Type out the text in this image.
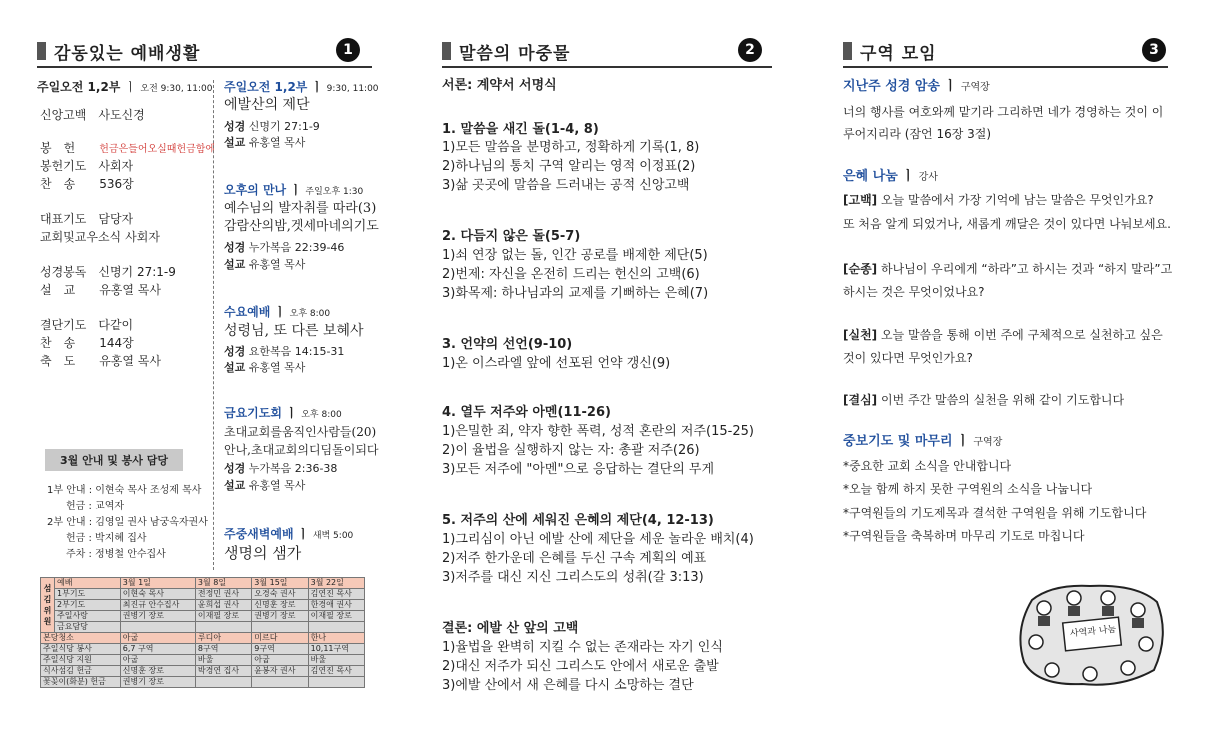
감동있는 예배생활	1
주일오전 1,2부 ㅣ 오전 9:30, 11:00
신앙고백 사도신경
봉　헌 헌금은들어오실때헌금함에
봉헌기도 사회자
찬　송 536장
대표기도 담당자
교회및교우소식 사회자
성경봉독 신명기 27:1-9
설　교 유홍열 목사
결단기도 다같이
찬　송 144장
축　도 유홍열 목사
주일오전 1,2부 ㅣ 9:30, 11:00
에발산의 제단
성경 신명기 27:1-9
설교 유홍열 목사
오후의 만나 ㅣ 주일오후 1:30
예수님의 발자취를 따라(3)
감람산의밤,겟세마네의기도
성경 누가복음 22:39-46
설교 유홍열 목사
수요예배 ㅣ 오후 8:00
성령님, 또 다른 보혜사
성경 요한복음 14:15-31
설교 유홍열 목사
금요기도회 ㅣ 오후 8:00
초대교회를움직인사람들(20)
안나,초대교회의디딤돌이되다
성경 누가복음 2:36-38
설교 유홍열 목사
주중새벽예배 ㅣ 새벽 5:00
생명의 샘가
3월 안내 및 봉사 담당
1부 안내 : 이현숙 목사 조성제 목사
헌금 : 교역자
2부 안내 : 김영일 권사 남궁옥자권사
헌금 : 박지혜 집사
주차 : 정병철 안수집사
섬김위원	예배	3월 1일	3월 8일	3월 15일	3월 22일
	1부기도	이현숙 목사	전정민 권사	오경숙 권사	김연진 목사
	2부기도	최진규 안수집사	윤희섭 권사	신명훈 장로	한경애 권사
	주일사랑	권병기 장로	이재필 장로	권병기 장로	이재필 장로
	금요담당				
본당청소		아굽	루디아	미르다	한나
주일식당 봉사		6,7 구역	8구역	9구역	10,11구역
주일식당 지원		아굽	바울	아굽	바울
식사섬김 헌금		신명훈 장로	박경연 집사	윤봉자 권사	김연진 목사
꽃꽂이(화분) 헌금		권병기 장로			
말씀의 마중물	2
서론: 계약서 서명식
1. 말씀을 새긴 돌(1-4, 8)
1)모든 말씀을 분명하고, 정확하게 기록(1, 8)
2)하나님의 통치 구역 알리는 영적 이정표(2)
3)삶 곳곳에 말씀을 드러내는 공적 신앙고백
2. 다듬지 않은 돌(5-7)
1)쇠 연장 없는 돌, 인간 공로를 배제한 제단(5)
2)번제: 자신을 온전히 드리는 헌신의 고백(6)
3)화목제: 하나님과의 교제를 기뻐하는 은혜(7)
3. 언약의 선언(9-10)
1)온 이스라엘 앞에 선포된 언약 갱신(9)
4. 열두 저주와 아멘(11-26)
1)은밀한 죄, 약자 향한 폭력, 성적 혼란의 저주(15-25)
2)이 율법을 실행하지 않는 자: 총괄 저주(26)
3)모든 저주에 "아멘"으로 응답하는 결단의 무게
5. 저주의 산에 세워진 은혜의 제단(4, 12-13)
1)그리심이 아닌 에발 산에 제단을 세운 놀라운 배치(4)
2)저주 한가운데 은혜를 두신 구속 계획의 예표
3)저주를 대신 지신 그리스도의 성취(갈 3:13)
결론: 에발 산 앞의 고백
1)율법을 완벽히 지킬 수 없는 존재라는 자기 인식
2)대신 저주가 되신 그리스도 안에서 새로운 출발
3)에발 산에서 새 은혜를 다시 소망하는 결단
구역 모임	3
지난주 성경 암송 ㅣ 구역장
너의 행사를 여호와께 맡기라 그리하면 네가 경영하는 것이 이
루어지리라 (잠언 16장 3절)
은혜 나눔 ㅣ 강사
[고백] 오늘 말씀에서 가장 기억에 남는 말씀은 무엇인가요?
또 처음 알게 되었거나, 새롭게 깨달은 것이 있다면 나눠보세요.
[순종] 하나님이 우리에게 “하라”고 하시는 것과 “하지 말라”고
하시는 것은 무엇이었나요?
[실천] 오늘 말씀을 통해 이번 주에 구체적으로 실천하고 싶은
것이 있다면 무엇인가요?
[결심] 이번 주간 말씀의 실천을 위해 같이 기도합니다
중보기도 및 마무리 ㅣ 구역장
*중요한 교회 소식을 안내합니다
*오늘 함께 하지 못한 구역원의 소식을 나눕니다
*구역원들의 기도제목과 결석한 구역원을 위해 기도합니다
*구역원들을 축복하며 마무리 기도로 마칩니다
사역과 나눔
